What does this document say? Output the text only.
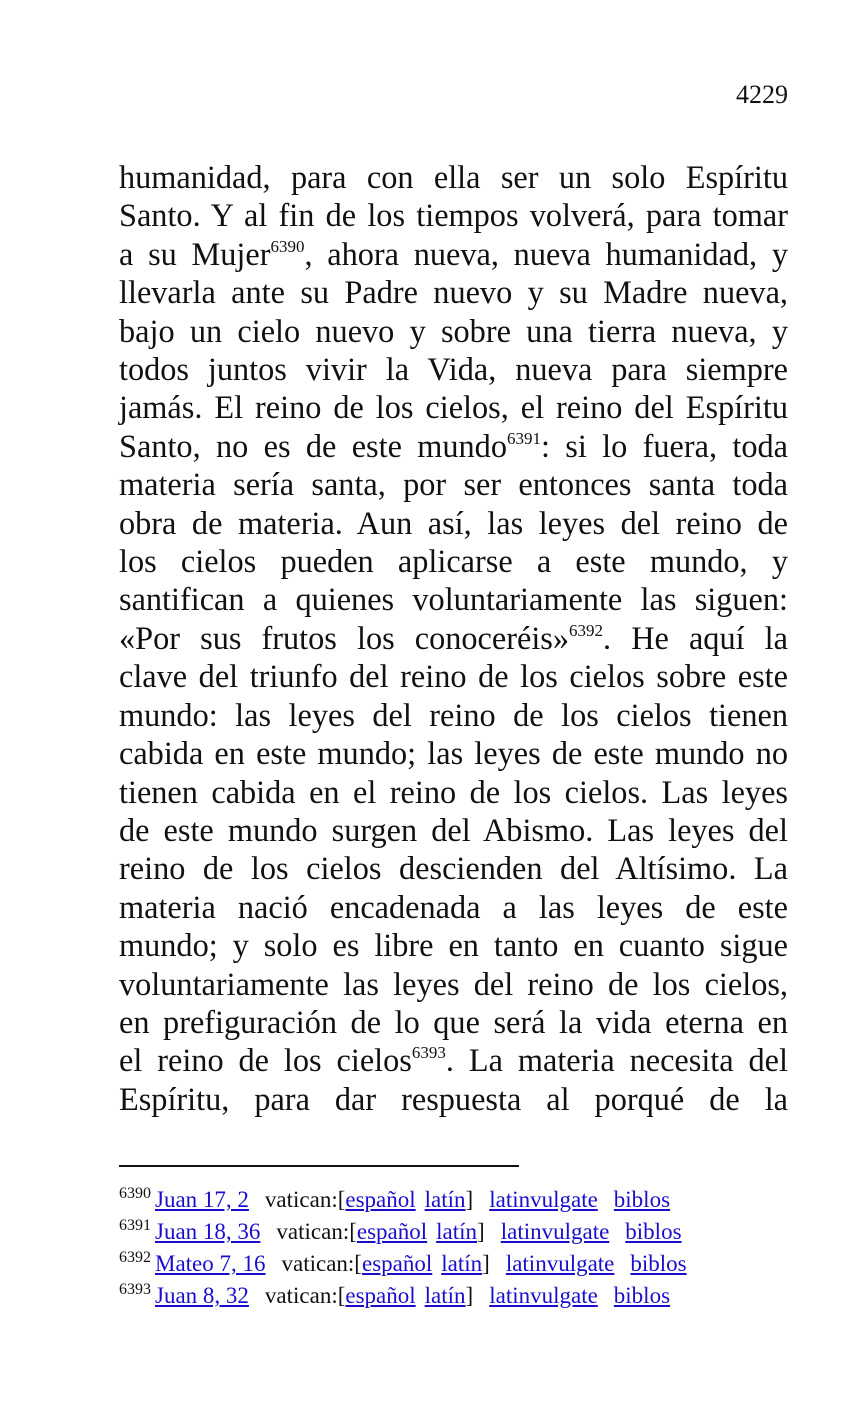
4229
humanidad, para con ella ser un solo Espíritu
Santo. Y al fin de los tiempos volverá, para tomar
a su Mujer$^{6390}$, ahora nueva, nueva humanidad, y
llevarla ante su Padre nuevo y su Madre nueva,
bajo un cielo nuevo y sobre una tierra nueva, y
todos juntos vivir la Vida, nueva para siempre
jamás. El reino de los cielos, el reino del Espíritu
Santo, no es de este mundo$^{6391}$: si lo fuera, toda
materia sería santa, por ser entonces santa toda
obra de materia. Aun así, las leyes del reino de
los cielos pueden aplicarse a este mundo, y
santifican a quienes voluntariamente las siguen:
«Por sus frutos los conoceréis»$^{6392}$. He aquí la
clave del triunfo del reino de los cielos sobre este
mundo: las leyes del reino de los cielos tienen
cabida en este mundo; las leyes de este mundo no
tienen cabida en el reino de los cielos. Las leyes
de este mundo surgen del Abismo. Las leyes del
reino de los cielos descienden del Altísimo. La
materia nació encadenada a las leyes de este
mundo; y solo es libre en tanto en cuanto sigue
voluntariamente las leyes del reino de los cielos,
en prefiguración de lo que será la vida eterna en
el reino de los cielos$^{6393}$. La materia necesita del
Espíritu, para dar respuesta al porqué de la
$^{6390}$ Juan 17, 2 vatican:[español latín] latinvulgate biblos
$^{6391}$ Juan 18, 36 vatican:[español latín] latinvulgate biblos
$^{6392}$ Mateo 7, 16 vatican:[español latín] latinvulgate biblos
$^{6393}$ Juan 8, 32 vatican:[español latín] latinvulgate biblos
